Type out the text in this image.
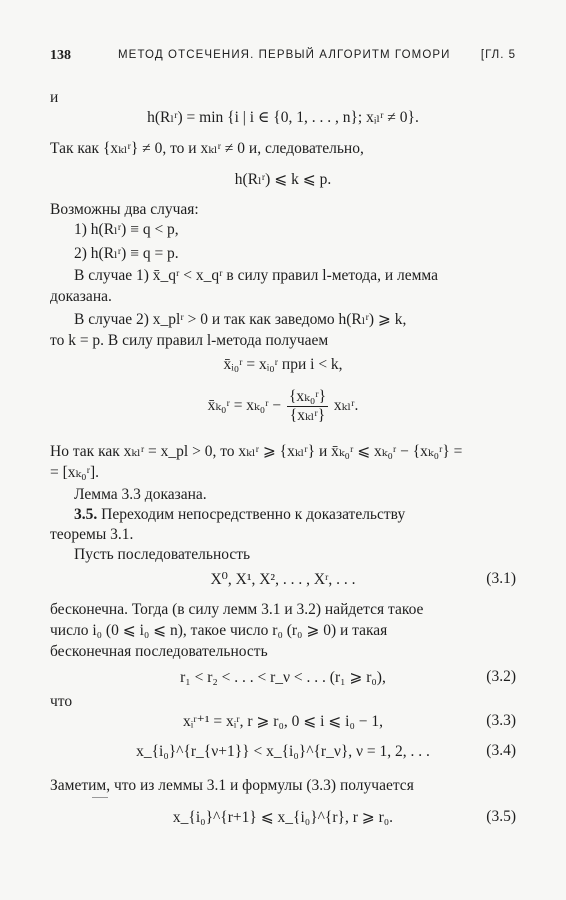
138	МЕТОД ОТСЕЧЕНИЯ. ПЕРВЫЙ АЛГОРИТМ ГОМОРИ	[ГЛ. 5
и
h(Rₗʳ) = min {i | i ∈ {0, 1, . . . , n}; xᵢₗʳ ≠ 0}.
Так как {xₖₗʳ} ≠ 0, то и xₖₗʳ ≠ 0 и, следовательно,
h(Rₗʳ) ⩽ k ⩽ p.
Возможны два случая:
1) h(Rₗʳ) ≡ q < p,
2) h(Rₗʳ) ≡ q = p.
В случае 1) x̄_qʳ < x_qʳ в силу правил l-метода, и лемма
доказана.
В случае 2) x_plʳ > 0 и так как заведомо h(Rₗʳ) ⩾ k,
то k = p. В силу правил l-метода получаем
x̄ᵢ₀ʳ = xᵢ₀ʳ при i < k,
x̄ₖ₀ʳ = xₖ₀ʳ −
{xₖ₀ʳ}
{xₖₗʳ}
xₖₗʳ.
Но так как xₖₗʳ = x_pl > 0, то xₖₗʳ ⩾ {xₖₗʳ} и x̄ₖ₀ʳ ⩽ xₖ₀ʳ − {xₖ₀ʳ} =
= [xₖ₀ʳ].
Лемма 3.3 доказана.
3.5. Переходим непосредственно к доказательству
теоремы 3.1.
Пусть последовательность
X⁰, X¹, X², . . . , Xʳ, . . .	(3.1)
бесконечна. Тогда (в силу лемм 3.1 и 3.2) найдется такое
число i₀ (0 ⩽ i₀ ⩽ n), такое число r₀ (r₀ ⩾ 0) и такая
бесконечная последовательность
r₁ < r₂ < . . . < r_ν < . . . (r₁ ⩾ r₀),	(3.2)
что
xᵢʳ⁺¹ = xᵢʳ, r ⩾ r₀, 0 ⩽ i ⩽ i₀ − 1,	(3.3)
x_{i₀}^{r_{ν+1}} < x_{i₀}^{r_ν}, ν = 1, 2, . . .	(3.4)
Заметим, что из леммы 3.1 и формулы (3.3) получается
x_{i₀}^{r+1} ⩽ x_{i₀}^{r}, r ⩾ r₀.	(3.5)
